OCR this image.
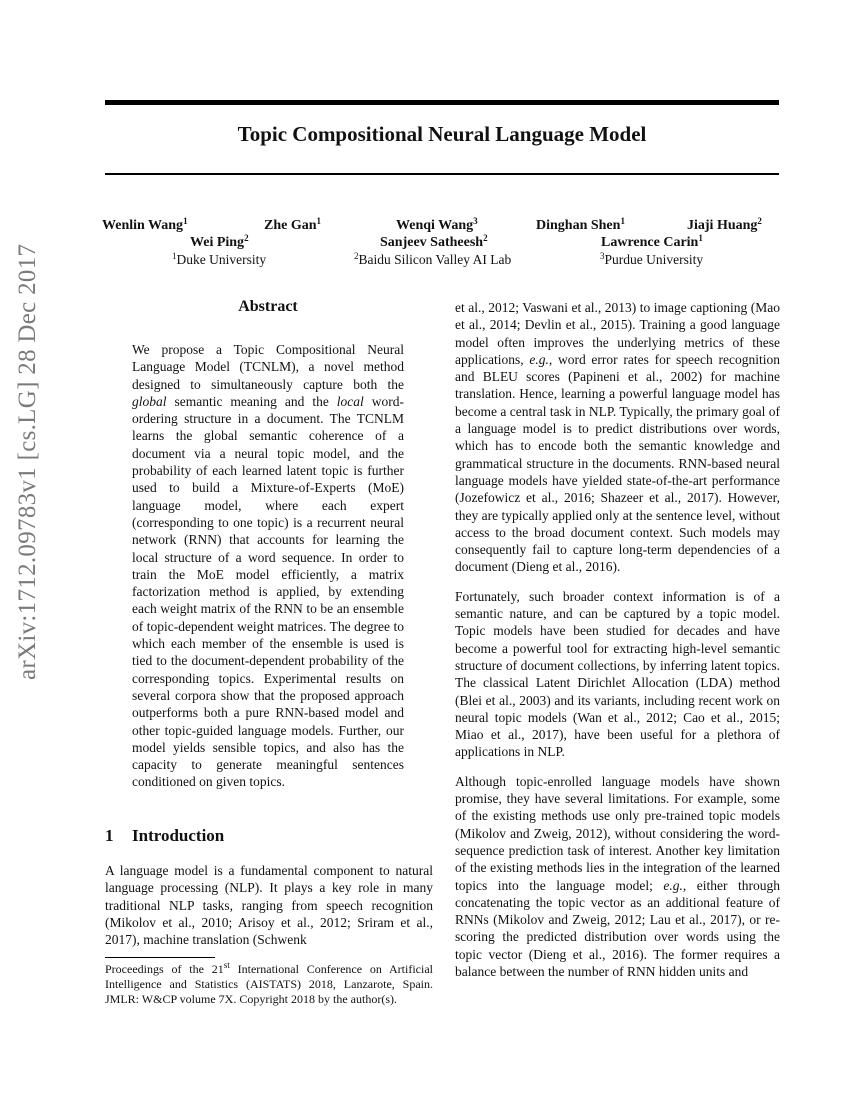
Topic Compositional Neural Language Model
Wenlin Wang$^1$	Zhe Gan$^1$	Wenqi Wang$^3$	Dinghan Shen$^1$	Jiaji Huang$^2$
Wei Ping$^2$	Sanjeev Satheesh$^2$	Lawrence Carin$^1$
$^1$Duke University	$^2$Baidu Silicon Valley AI Lab	$^3$Purdue University
arXiv:1712.09783v1 [cs.LG] 28 Dec 2017	Abstract
We propose a Topic Compositional Neural Language Model (TCNLM), a novel method designed to simultaneously capture both the global semantic meaning and the local word-ordering structure in a document. The TCNLM learns the global semantic coherence of a document via a neural topic model, and the probability of each learned latent topic is further used to build a Mixture-of-Experts (MoE) language model, where each expert (corresponding to one topic) is a recurrent neural network (RNN) that accounts for learning the local structure of a word sequence. In order to train the MoE model efficiently, a matrix factorization method is applied, by extending each weight matrix of the RNN to be an ensemble of topic-dependent weight matrices. The degree to which each member of the ensemble is used is tied to the document-dependent probability of the corresponding topics. Experimental results on several corpora show that the proposed approach outperforms both a pure RNN-based model and other topic-guided language models. Further, our model yields sensible topics, and also has the capacity to generate meaningful sentences conditioned on given topics.
1 Introduction
A language model is a fundamental component to natural language processing (NLP). It plays a key role in many traditional NLP tasks, ranging from speech recognition (Mikolov et al., 2010; Arisoy et al., 2012; Sriram et al., 2017), machine translation (Schwenk
Proceedings of the 21st International Conference on Artificial Intelligence and Statistics (AISTATS) 2018, Lanzarote, Spain. JMLR: W&CP volume 7X. Copyright 2018 by the author(s).

et al., 2012; Vaswani et al., 2013) to image captioning (Mao et al., 2014; Devlin et al., 2015). Training a good language model often improves the underlying metrics of these applications, e.g., word error rates for speech recognition and BLEU scores (Papineni et al., 2002) for machine translation. Hence, learning a powerful language model has become a central task in NLP. Typically, the primary goal of a language model is to predict distributions over words, which has to encode both the semantic knowledge and grammatical structure in the documents. RNN-based neural language models have yielded state-of-the-art performance (Jozefowicz et al., 2016; Shazeer et al., 2017). However, they are typically applied only at the sentence level, without access to the broad document context. Such models may consequently fail to capture long-term dependencies of a document (Dieng et al., 2016).

Fortunately, such broader context information is of a semantic nature, and can be captured by a topic model. Topic models have been studied for decades and have become a powerful tool for extracting high-level semantic structure of document collections, by inferring latent topics. The classical Latent Dirichlet Allocation (LDA) method (Blei et al., 2003) and its variants, including recent work on neural topic models (Wan et al., 2012; Cao et al., 2015; Miao et al., 2017), have been useful for a plethora of applications in NLP.

Although topic-enrolled language models have shown promise, they have several limitations. For example, some of the existing methods use only pre-trained topic models (Mikolov and Zweig, 2012), without considering the word-sequence prediction task of interest. Another key limitation of the existing methods lies in the integration of the learned topics into the language model; e.g., either through concatenating the topic vector as an additional feature of RNNs (Mikolov and Zweig, 2012; Lau et al., 2017), or re-scoring the predicted distribution over words using the topic vector (Dieng et al., 2016). The former requires a balance between the number of RNN hidden units and
